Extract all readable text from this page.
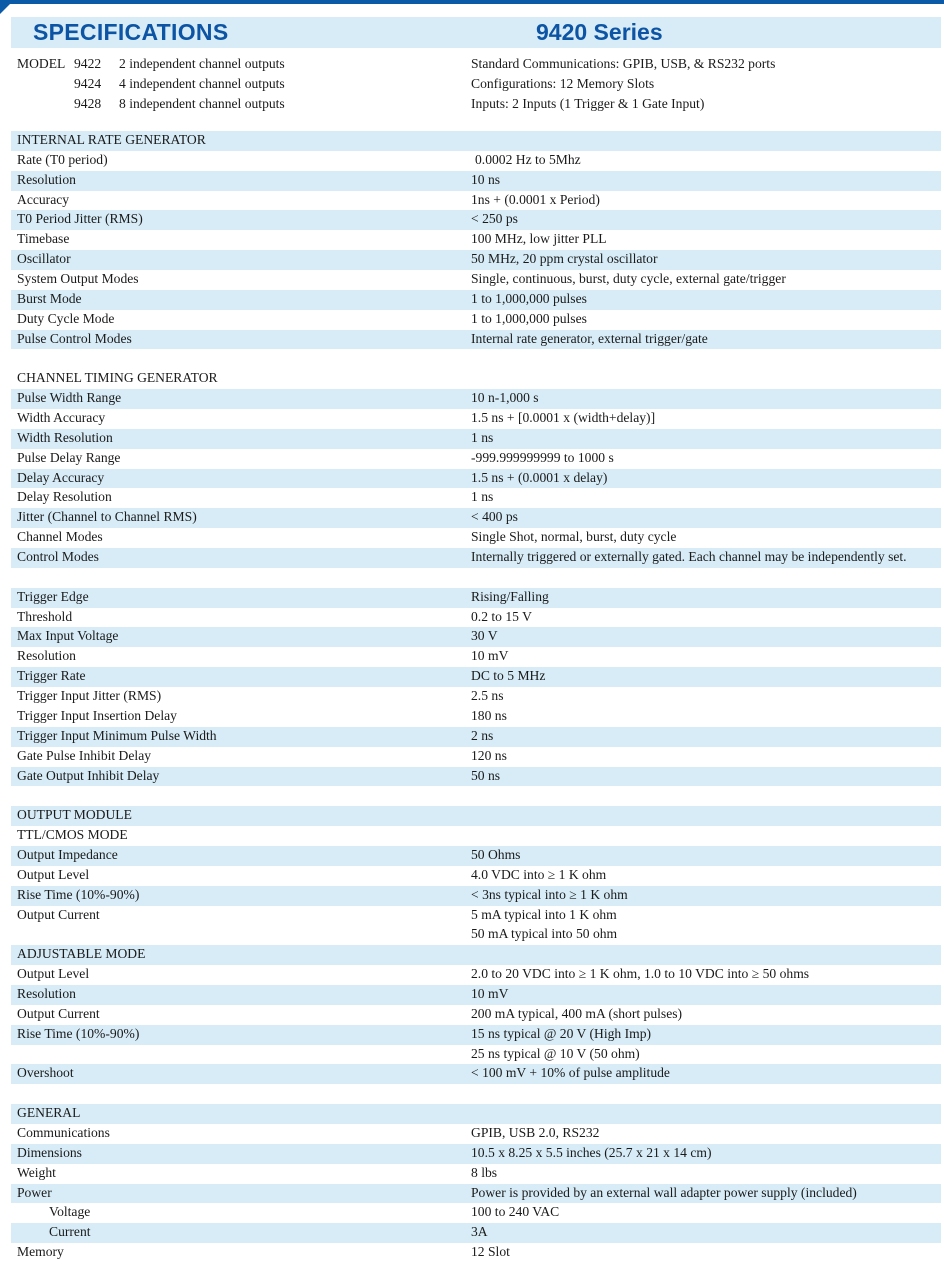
SPECIFICATIONS	9420 Series
MODEL 9422 2 independent channel outputs
9424 4 independent channel outputs
9428 8 independent channel outputs
Standard Communications: GPIB, USB, & RS232 ports
Configurations: 12 Memory Slots
Inputs: 2 Inputs (1 Trigger & 1 Gate Input)
INTERNAL RATE GENERATOR
Rate (T0 period)	0.0002 Hz to 5Mhz
Resolution	10 ns
Accuracy	1ns + (0.0001 x Period)
T0 Period Jitter (RMS)	< 250 ps
Timebase	100 MHz, low jitter PLL
Oscillator	50 MHz, 20 ppm crystal oscillator
System Output Modes	Single, continuous, burst, duty cycle, external gate/trigger
Burst Mode	1 to 1,000,000 pulses
Duty Cycle Mode	1 to 1,000,000 pulses
Pulse Control Modes	Internal rate generator, external trigger/gate
CHANNEL TIMING GENERATOR
Pulse Width Range	10 n-1,000 s
Width Accuracy	1.5 ns + [0.0001 x (width+delay)]
Width Resolution	1 ns
Pulse Delay Range	-999.999999999 to 1000 s
Delay Accuracy	1.5 ns + (0.0001 x delay)
Delay Resolution	1 ns
Jitter (Channel to Channel RMS)	< 400 ps
Channel Modes	Single Shot, normal, burst, duty cycle
Control Modes	Internally triggered or externally gated. Each channel may be independently set.
Trigger Edge	Rising/Falling
Threshold	0.2 to 15 V
Max Input Voltage	30 V
Resolution	10 mV
Trigger Rate	DC to 5 MHz
Trigger Input Jitter (RMS)	2.5 ns
Trigger Input Insertion Delay	180 ns
Trigger Input Minimum Pulse Width	2 ns
Gate Pulse Inhibit Delay	120 ns
Gate Output Inhibit Delay	50 ns
OUTPUT MODULE
TTL/CMOS MODE
Output Impedance	50 Ohms
Output Level	4.0 VDC into ≥ 1 K ohm
Rise Time (10%-90%)	< 3ns typical into ≥ 1 K ohm
Output Current	5 mA typical into 1 K ohm
50 mA typical into 50 ohm
ADJUSTABLE MODE
Output Level	2.0 to 20 VDC into ≥ 1 K ohm, 1.0 to 10 VDC into ≥ 50 ohms
Resolution	10 mV
Output Current	200 mA typical, 400 mA (short pulses)
Rise Time (10%-90%)	15 ns typical @ 20 V (High Imp)
25 ns typical @ 10 V (50 ohm)
Overshoot	< 100 mV + 10% of pulse amplitude
GENERAL
Communications	GPIB, USB 2.0, RS232
Dimensions	10.5 x 8.25 x 5.5 inches (25.7 x 21 x 14 cm)
Weight	8 lbs
Power	Power is provided by an external wall adapter power supply (included)
Voltage	100 to 240 VAC
Current	3A
Memory	12 Slot
